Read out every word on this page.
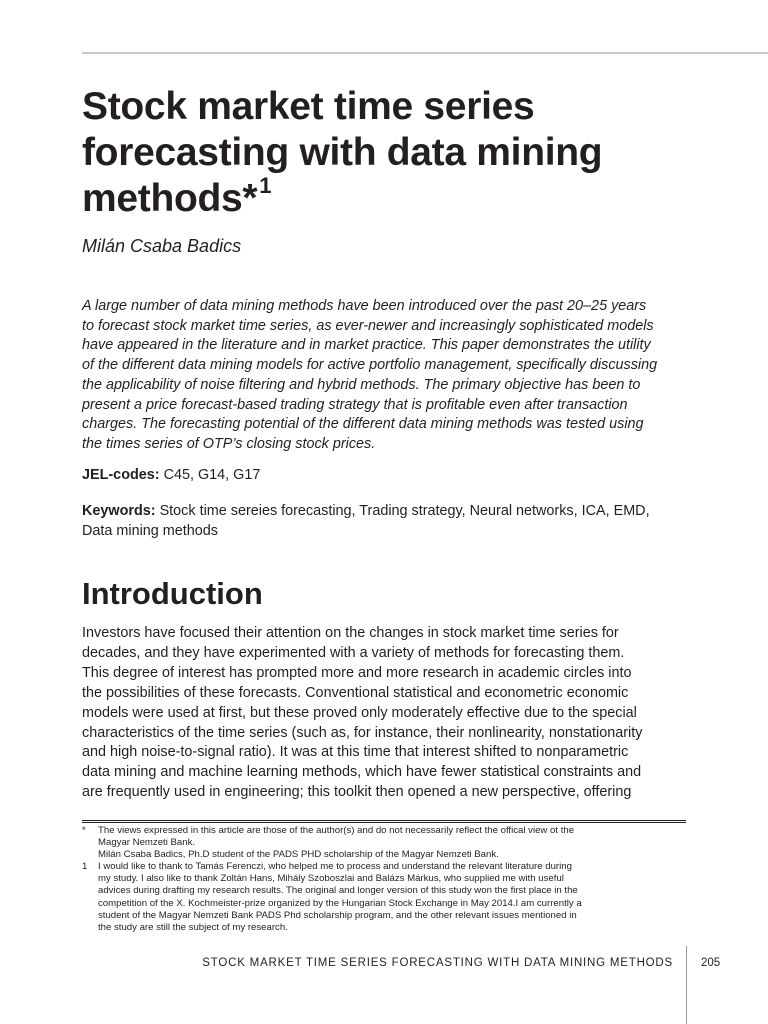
Stock market time series
forecasting with data mining
methods*$^1$
Milán Csaba Badics

A large number of data mining methods have been introduced over the past 20–25 years
to forecast stock market time series, as ever-newer and increasingly sophisticated models
have appeared in the literature and in market practice. This paper demonstrates the utility
of the different data mining models for active portfolio management, specifically discussing
the applicability of noise filtering and hybrid methods. The primary objective has been to
present a price forecast-based trading strategy that is profitable even after transaction
charges. The forecasting potential of the different data mining methods was tested using
the times series of OTP’s closing stock prices.

JEL-codes: C45, G14, G17
Keywords: Stock time sereies forecasting, Trading strategy, Neural networks, ICA, EMD,
Data mining methods
Introduction

Investors have focused their attention on the changes in stock market time series for
decades, and they have experimented with a variety of methods for forecasting them.
This degree of interest has prompted more and more research in academic circles into
the possibilities of these forecasts. Conventional statistical and econometric economic
models were used at first, but these proved only moderately effective due to the special
characteristics of the time series (such as, for instance, their nonlinearity, nonstationarity
and high noise-to-signal ratio). It was at this time that interest shifted to nonparametric
data mining and machine learning methods, which have fewer statistical constraints and
are frequently used in engineering; this toolkit then opened a new perspective, offering

*	The views expressed in this article are those of the author(s) and do not necessarily reflect the offical view ot the
Magyar Nemzeti Bank.
Milán Csaba Badics, Ph.D student of the PADS PHD scholarship of the Magyar Nemzeti Bank.
1	I would like to thank to Tamás Ferenczi, who helped me to process and understand the relevant literature during
my study. I also like to thank Zoltán Hans, Mihály Szoboszlai and Balázs Márkus, who supplied me with useful
advices during drafting my research results. The original and longer version of this study won the first place in the
competition of the X. Kochmeister-prize organized by the Hungarian Stock Exchange in May 2014.I am currently a
student of the Magyar Nemzeti Bank PADS Phd scholarship program, and the other relevant issues mentioned in
the study are still the subject of my research.
STOCK MARKET TIME SERIES FORECASTING WITH DATA MINING METHODS 205
